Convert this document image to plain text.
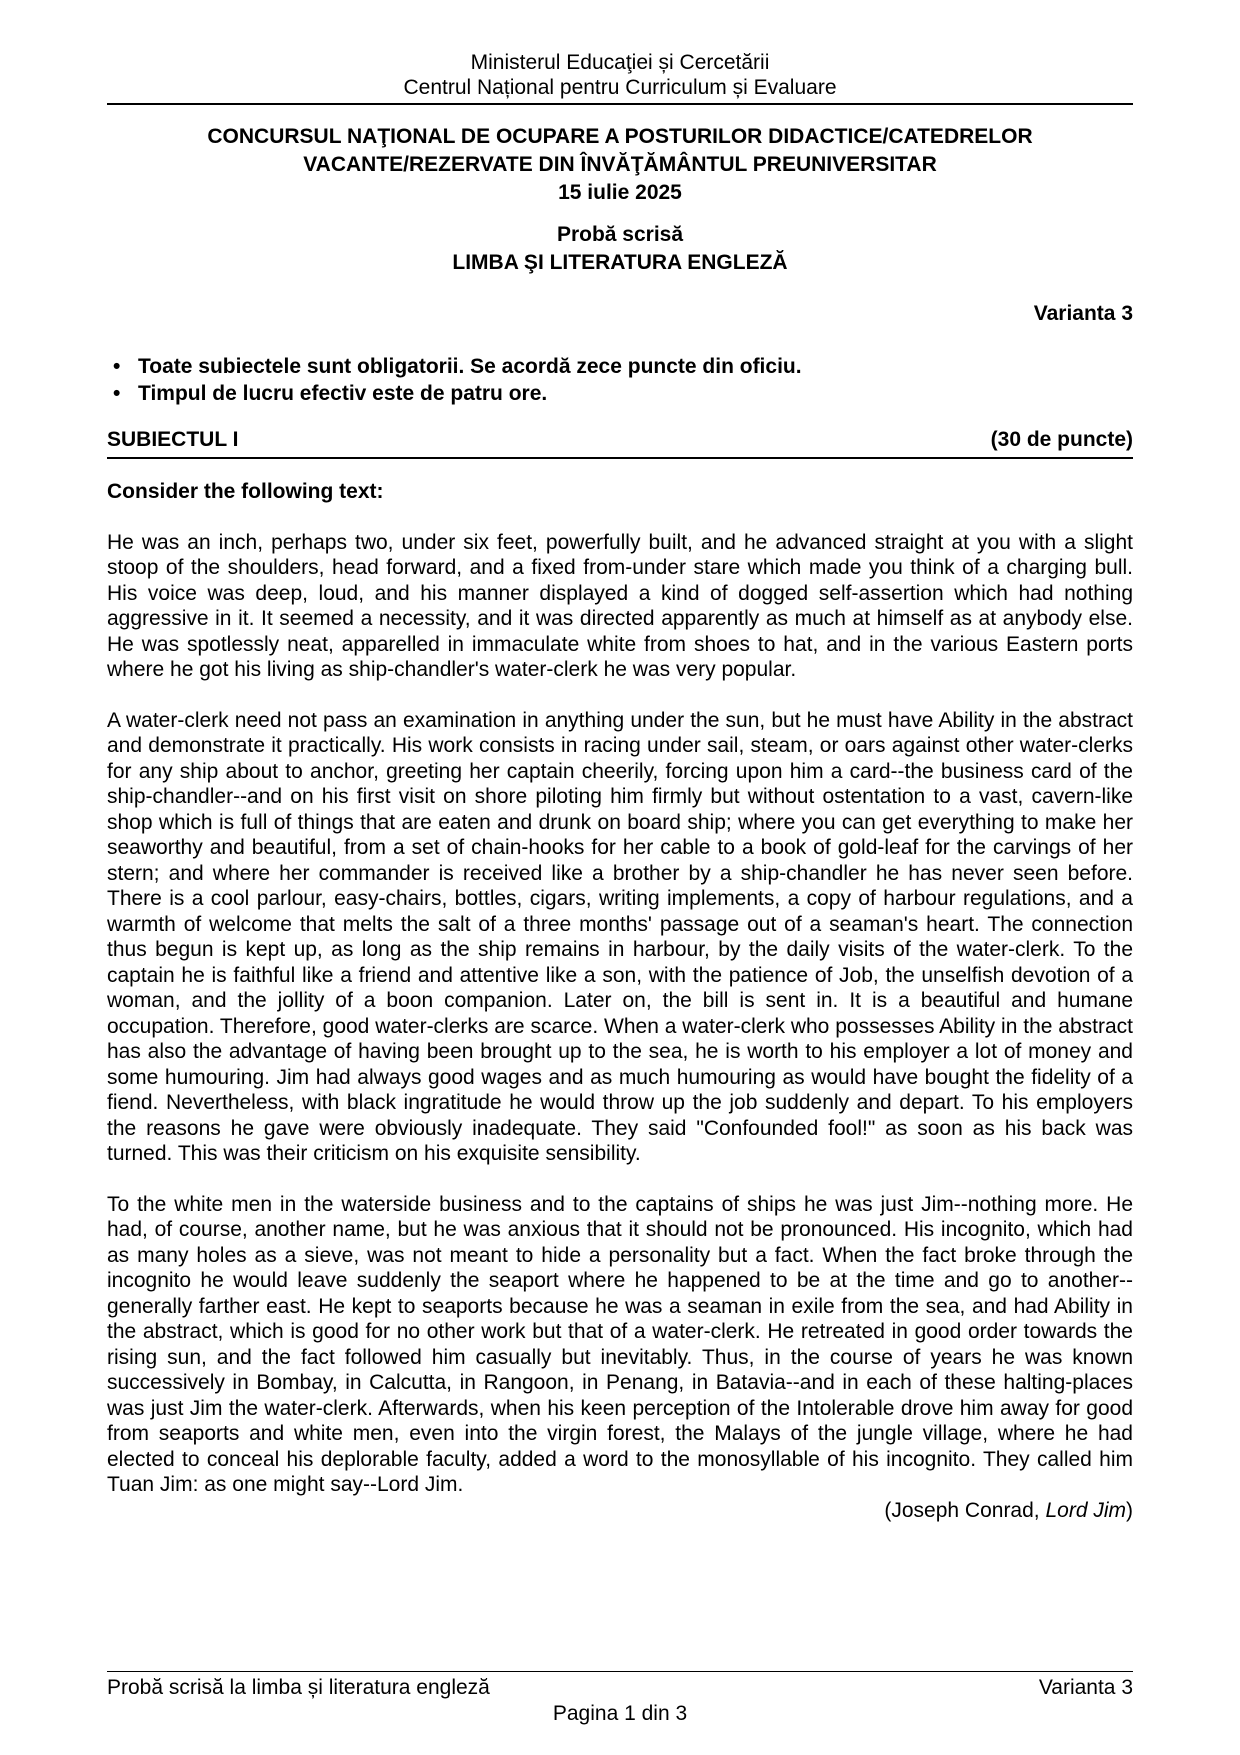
Ministerul Educaţiei și Cercetării
Centrul Național pentru Curriculum și Evaluare
CONCURSUL NAŢIONAL DE OCUPARE A POSTURILOR DIDACTICE/CATEDRELOR
VACANTE/REZERVATE DIN ÎNVĂŢĂMÂNTUL PREUNIVERSITAR
15 iulie 2025
Probă scrisă
LIMBA ŞI LITERATURA ENGLEZĂ
Varianta 3
• Toate subiectele sunt obligatorii. Se acordă zece puncte din oficiu.
• Timpul de lucru efectiv este de patru ore.
SUBIECTUL I	(30 de puncte)
Consider the following text:

He was an inch, perhaps two, under six feet, powerfully built, and he advanced straight at you with a slight stoop of the shoulders, head forward, and a fixed from-under stare which made you think of a charging bull. His voice was deep, loud, and his manner displayed a kind of dogged self-assertion which had nothing aggressive in it. It seemed a necessity, and it was directed apparently as much at himself as at anybody else. He was spotlessly neat, apparelled in immaculate white from shoes to hat, and in the various Eastern ports where he got his living as ship-chandler's water-clerk he was very popular.

A water-clerk need not pass an examination in anything under the sun, but he must have Ability in the abstract and demonstrate it practically. His work consists in racing under sail, steam, or oars against other water-clerks for any ship about to anchor, greeting her captain cheerily, forcing upon him a card--the business card of the ship-chandler--and on his first visit on shore piloting him firmly but without ostentation to a vast, cavern-like shop which is full of things that are eaten and drunk on board ship; where you can get everything to make her seaworthy and beautiful, from a set of chain-hooks for her cable to a book of gold-leaf for the carvings of her stern; and where her commander is received like a brother by a ship-chandler he has never seen before. There is a cool parlour, easy-chairs, bottles, cigars, writing implements, a copy of harbour regulations, and a warmth of welcome that melts the salt of a three months' passage out of a seaman's heart. The connection thus begun is kept up, as long as the ship remains in harbour, by the daily visits of the water-clerk. To the captain he is faithful like a friend and attentive like a son, with the patience of Job, the unselfish devotion of a woman, and the jollity of a boon companion. Later on, the bill is sent in. It is a beautiful and humane occupation. Therefore, good water-clerks are scarce. When a water-clerk who possesses Ability in the abstract has also the advantage of having been brought up to the sea, he is worth to his employer a lot of money and some humouring. Jim had always good wages and as much humouring as would have bought the fidelity of a fiend. Nevertheless, with black ingratitude he would throw up the job suddenly and depart. To his employers the reasons he gave were obviously inadequate. They said "Confounded fool!" as soon as his back was turned. This was their criticism on his exquisite sensibility.

To the white men in the waterside business and to the captains of ships he was just Jim--nothing more. He had, of course, another name, but he was anxious that it should not be pronounced. His incognito, which had as many holes as a sieve, was not meant to hide a personality but a fact. When the fact broke through the incognito he would leave suddenly the seaport where he happened to be at the time and go to another--generally farther east. He kept to seaports because he was a seaman in exile from the sea, and had Ability in the abstract, which is good for no other work but that of a water-clerk. He retreated in good order towards the rising sun, and the fact followed him casually but inevitably. Thus, in the course of years he was known successively in Bombay, in Calcutta, in Rangoon, in Penang, in Batavia--and in each of these halting-places was just Jim the water-clerk. Afterwards, when his keen perception of the Intolerable drove him away for good from seaports and white men, even into the virgin forest, the Malays of the jungle village, where he had elected to conceal his deplorable faculty, added a word to the monosyllable of his incognito. They called him Tuan Jim: as one might say--Lord Jim.

(Joseph Conrad, Lord Jim)
Probă scrisă la limba și literatura engleză	Varianta 3
Pagina 1 din 3
